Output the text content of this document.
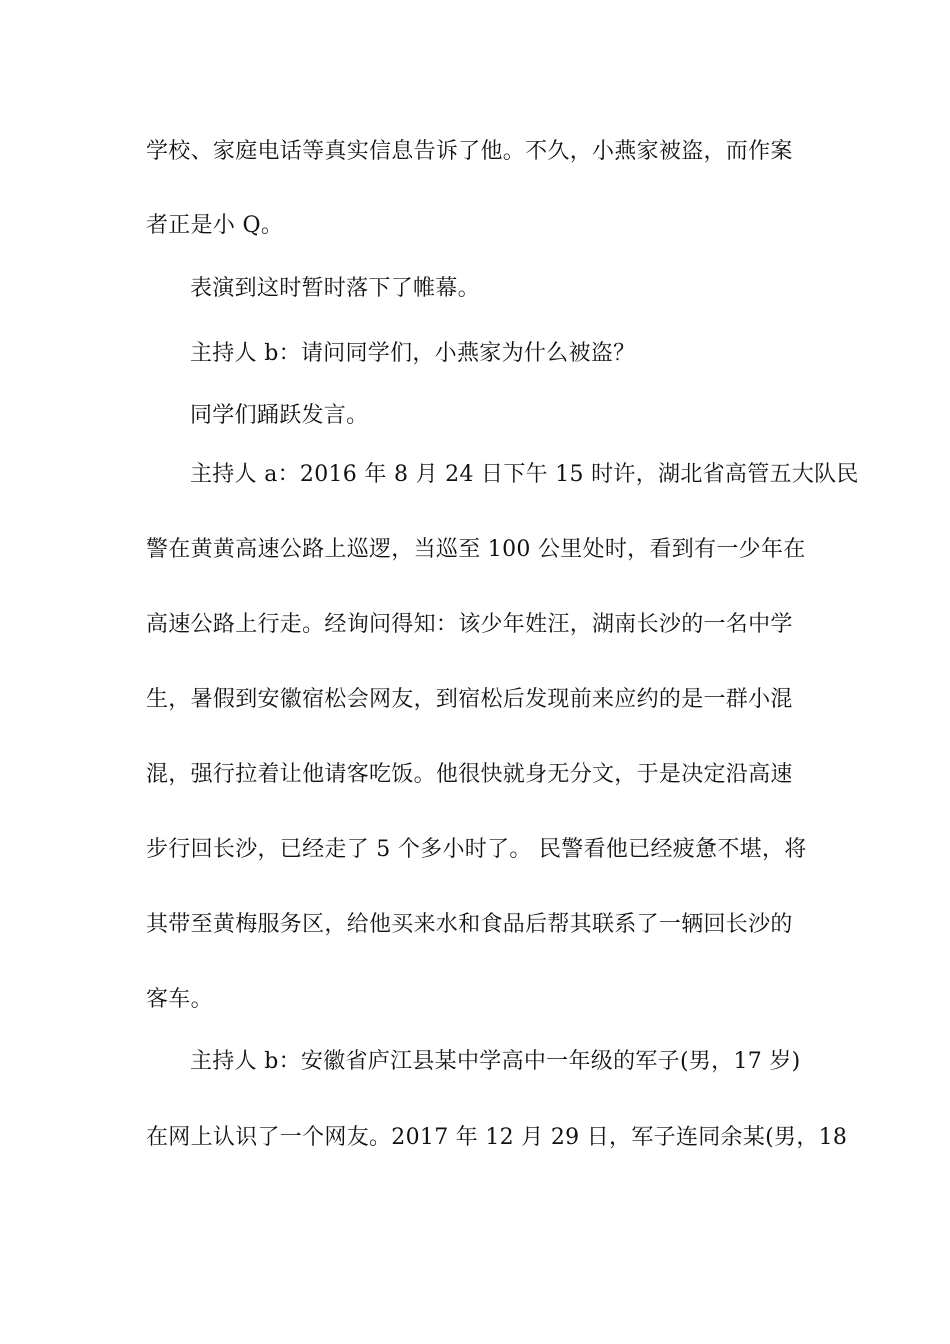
学校、家庭电话等真实信息告诉了他。不久，小燕家被盗，而作案
者正是小 Q。
表演到这时暂时落下了帷幕。
主持人 b：请问同学们，小燕家为什么被盗？
同学们踊跃发言。
主持人 a：2016 年 8 月 24 日下午 15 时许，湖北省高管五大队民
警在黄黄高速公路上巡逻，当巡至 100 公里处时，看到有一少年在
高速公路上行走。经询问得知：该少年姓汪，湖南长沙的一名中学
生，暑假到安徽宿松会网友，到宿松后发现前来应约的是一群小混
混，强行拉着让他请客吃饭。他很快就身无分文，于是决定沿高速
步行回长沙，已经走了 5 个多小时了。 民警看他已经疲惫不堪，将
其带至黄梅服务区，给他买来水和食品后帮其联系了一辆回长沙的
客车。
主持人 b：安徽省庐江县某中学高中一年级的军子(男，17 岁)
在网上认识了一个网友。2017 年 12 月 29 日，军子连同余某(男，18
